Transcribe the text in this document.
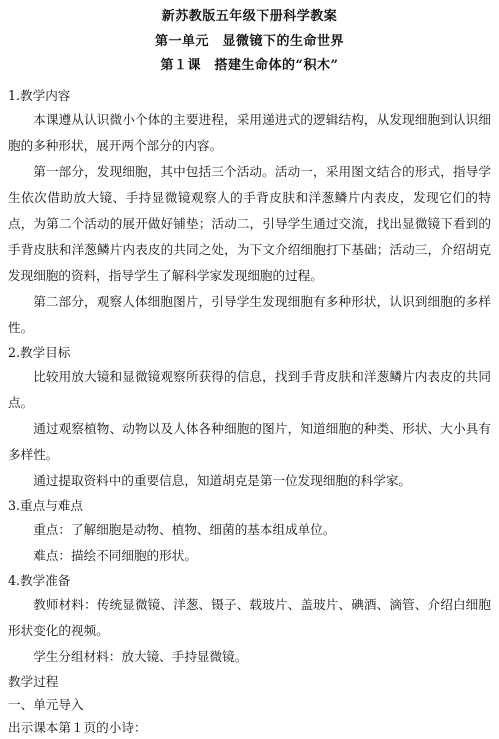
新苏教版五年级下册科学教案
第一单元　显微镜下的生命世界
第１课　搭建生命体的“积木”
1.教学内容

本课遵从认识微小个体的主要进程，采用递进式的逻辑结构，从发现细胞到认识细胞的多种形状，展开两个部分的内容。

第一部分，发现细胞，其中包括三个活动。活动一，采用图文结合的形式，指导学生依次借助放大镜、手持显微镜观察人的手背皮肤和洋葱鳞片内表皮，发现它们的特点，为第二个活动的展开做好铺垫；活动二，引导学生通过交流，找出显微镜下看到的手背皮肤和洋葱鳞片内表皮的共同之处，为下文介绍细胞打下基础；活动三，介绍胡克发现细胞的资料，指导学生了解科学家发现细胞的过程。

第二部分，观察人体细胞图片，引导学生发现细胞有多种形状，认识到细胞的多样性。

2.教学目标

比较用放大镜和显微镜观察所获得的信息，找到手背皮肤和洋葱鳞片内表皮的共同点。

通过观察植物、动物以及人体各种细胞的图片，知道细胞的种类、形状、大小具有多样性。

通过提取资料中的重要信息，知道胡克是第一位发现细胞的科学家。

3.重点与难点

重点：了解细胞是动物、植物、细菌的基本组成单位。

难点：描绘不同细胞的形状。

4.教学准备

教师材料：传统显微镜、洋葱、镊子、载玻片、盖玻片、碘酒、滴管、介绍白细胞形状变化的视频。

学生分组材料：放大镜、手持显微镜。

教学过程
一、单元导入
出示课本第１页的小诗：
